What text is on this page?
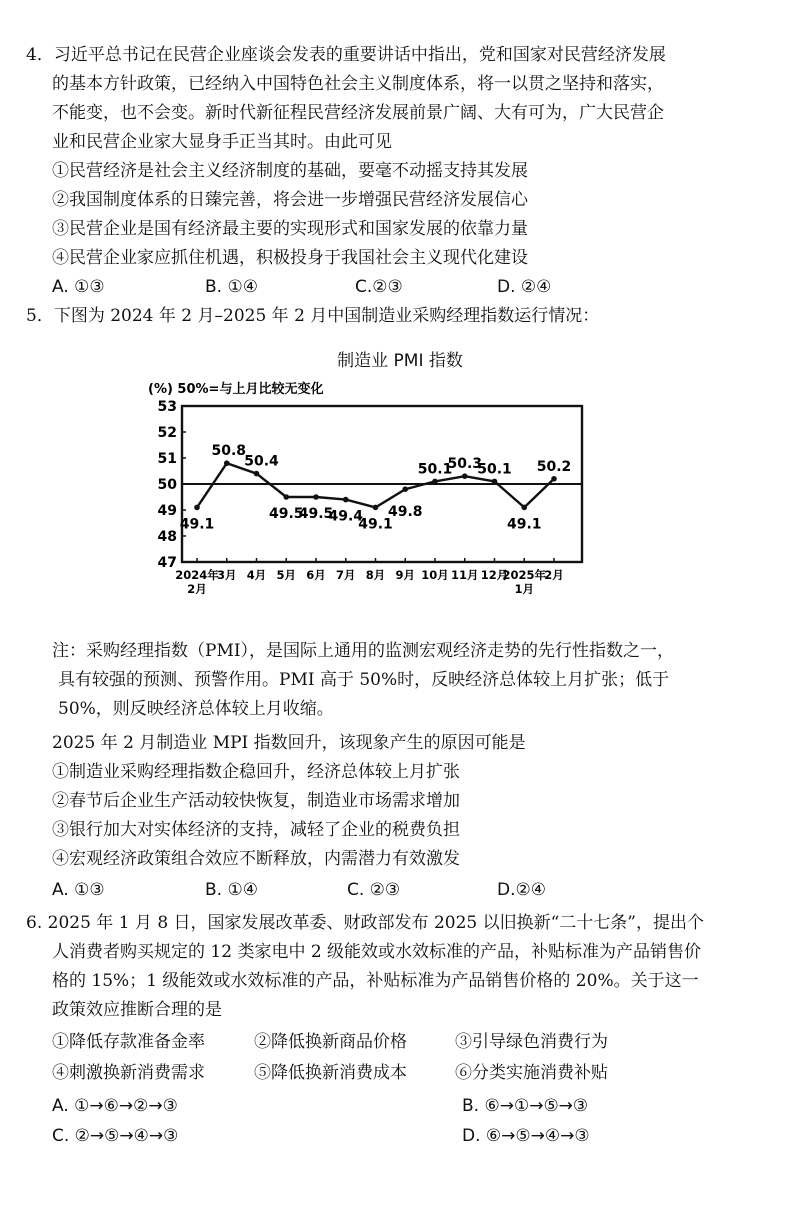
4．习近平总书记在民营企业座谈会发表的重要讲话中指出，党和国家对民营经济发展
的基本方针政策，已经纳入中国特色社会主义制度体系，将一以贯之坚持和落实，
不能变，也不会变。新时代新征程民营经济发展前景广阔、大有可为，广大民营企
业和民营企业家大显身手正当其时。由此可见
①民营经济是社会主义经济制度的基础，要毫不动摇支持其发展
②我国制度体系的日臻完善，将会进一步增强民营经济发展信心
③民营企业是国有经济最主要的实现形式和国家发展的依靠力量
④民营企业家应抓住机遇，积极投身于我国社会主义现代化建设
A. ①③	B. ①④	C.②③	D. ②④
5．下图为 2024 年 2 月–2025 年 2 月中国制造业采购经理指数运行情况：
制造业 PMI 指数
(%) 50%=与上月比较无变化
47
48
49
50
51
52
53
49.1
50.8
50.4
49.5
49.5
49.4
49.1
49.8
50.1
50.3
50.1
49.1
50.2
2024年
2月
3月 4月 5月 6月 7月 8月 9月 10月 11月 12月
2025年
1月
2月
注：采购经理指数（PMI），是国际上通用的监测宏观经济走势的先行性指数之一，
具有较强的预测、预警作用。PMI 高于 50%时，反映经济总体较上月扩张；低于
50%，则反映经济总体较上月收缩。
2025 年 2 月制造业 MPI 指数回升，该现象产生的原因可能是
①制造业采购经理指数企稳回升，经济总体较上月扩张
②春节后企业生产活动较快恢复，制造业市场需求增加
③银行加大对实体经济的支持，减轻了企业的税费负担
④宏观经济政策组合效应不断释放，内需潜力有效激发
A. ①③	B. ①④	C. ②③	D.②④
6. 2025 年 1 月 8 日，国家发展改革委、财政部发布 2025 以旧换新“二十七条”，提出个
人消费者购买规定的 12 类家电中 2 级能效或水效标准的产品，补贴标准为产品销售价
格的 15%；1 级能效或水效标准的产品，补贴标准为产品销售价格的 20%。关于这一
政策效应推断合理的是
①降低存款准备金率	②降低换新商品价格	③引导绿色消费行为
④刺激换新消费需求	⑤降低换新消费成本	⑥分类实施消费补贴
A. ①→⑥→②→③	B. ⑥→①→⑤→③
C. ②→⑤→④→③	D. ⑥→⑤→④→③
